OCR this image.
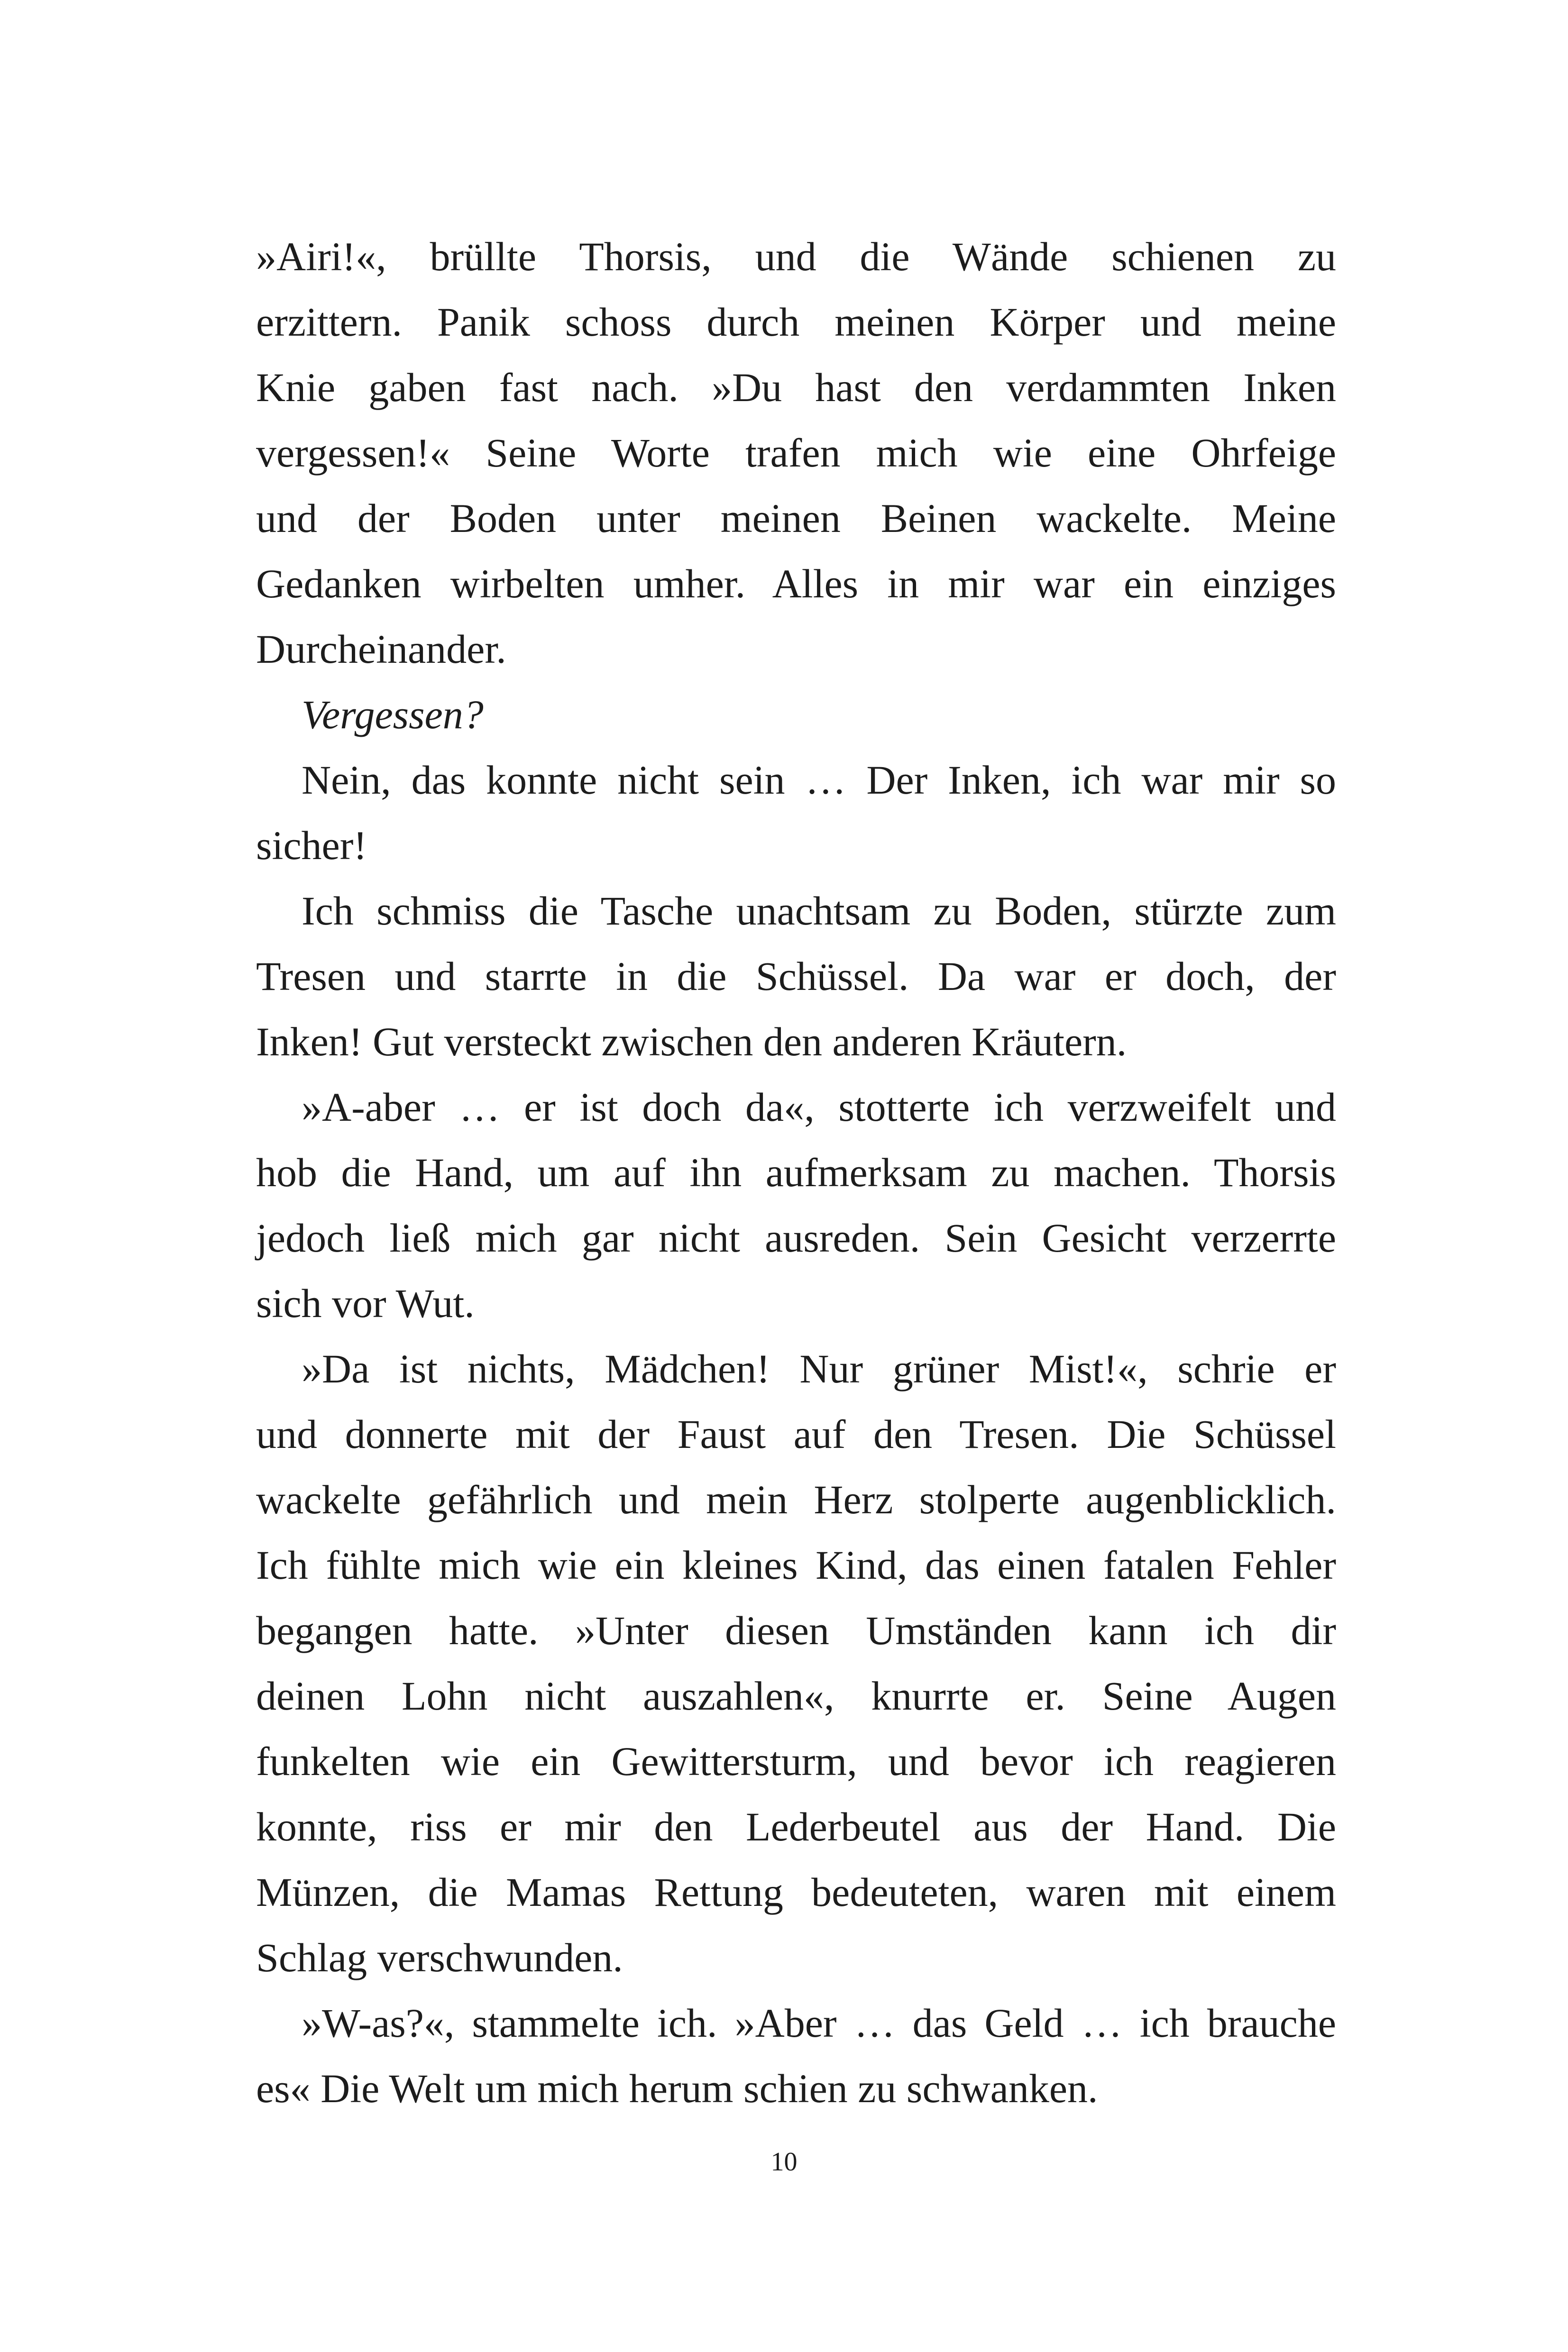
»Airi!«, brüllte Thorsis, und die Wände schienen zu
erzittern. Panik schoss durch meinen Körper und meine
Knie gaben fast nach. »Du hast den verdammten Inken
vergessen!« Seine Worte trafen mich wie eine Ohrfeige
und der Boden unter meinen Beinen wackelte. Meine
Gedanken wirbelten umher. Alles in mir war ein einziges
Durcheinander.
Vergessen?
Nein, das konnte nicht sein … Der Inken, ich war mir so
sicher!
Ich schmiss die Tasche unachtsam zu Boden, stürzte zum
Tresen und starrte in die Schüssel. Da war er doch, der
Inken! Gut versteckt zwischen den anderen Kräutern.
»A-aber … er ist doch da«, stotterte ich verzweifelt und
hob die Hand, um auf ihn aufmerksam zu machen. Thorsis
jedoch ließ mich gar nicht ausreden. Sein Gesicht verzerrte
sich vor Wut.
»Da ist nichts, Mädchen! Nur grüner Mist!«, schrie er
und donnerte mit der Faust auf den Tresen. Die Schüssel
wackelte gefährlich und mein Herz stolperte augenblicklich.
Ich fühlte mich wie ein kleines Kind, das einen fatalen Fehler
begangen hatte. »Unter diesen Umständen kann ich dir
deinen Lohn nicht auszahlen«, knurrte er. Seine Augen
funkelten wie ein Gewittersturm, und bevor ich reagieren
konnte, riss er mir den Lederbeutel aus der Hand. Die
Münzen, die Mamas Rettung bedeuteten, waren mit einem
Schlag verschwunden.
»W-as?«, stammelte ich. »Aber … das Geld … ich brauche
es« Die Welt um mich herum schien zu schwanken.
10
